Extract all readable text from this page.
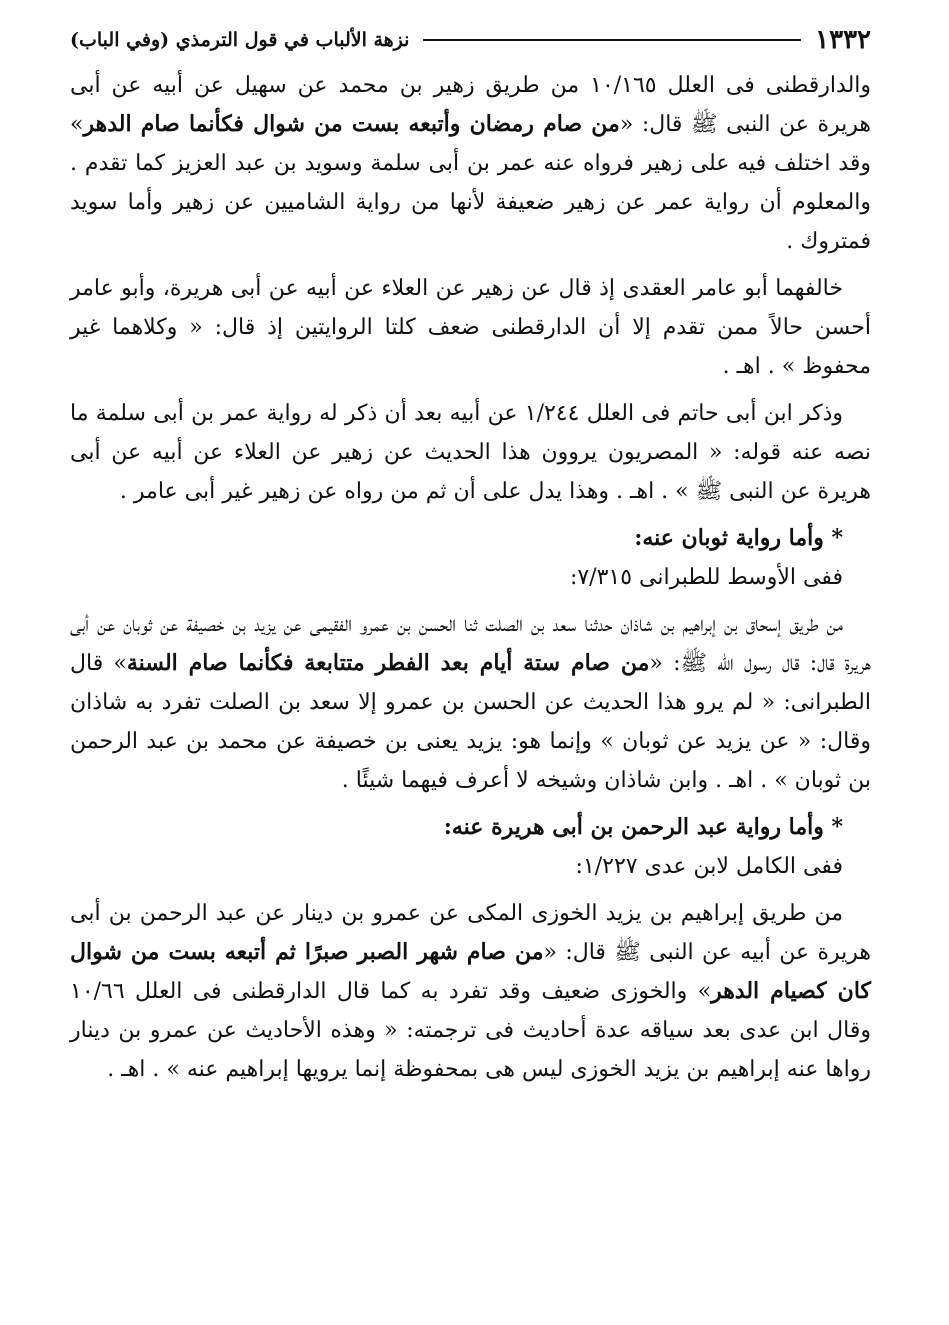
١٣٣٢
نزهة الألباب في قول الترمذي (وفي الباب)

والدارقطنى فى العلل ١٠/١٦٥ من طريق زهير بن محمد عن سهيل عن أبيه عن أبى هريرة عن النبى ﷺ قال: «من صام رمضان وأتبعه بست من شوال فكأنما صام الدهر» وقد اختلف فيه على زهير فرواه عنه عمر بن أبى سلمة وسويد بن عبد العزيز كما تقدم . والمعلوم أن رواية عمر عن زهير ضعيفة لأنها من رواية الشاميين عن زهير وأما سويد فمتروك .

خالفهما أبو عامر العقدى إذ قال عن زهير عن العلاء عن أبيه عن أبى هريرة، وأبو عامر أحسن حالاً ممن تقدم إلا أن الدارقطنى ضعف كلتا الروايتين إذ قال: « وكلاهما غير محفوظ » . اهـ .

وذكر ابن أبى حاتم فى العلل ١/٢٤٤ عن أبيه بعد أن ذكر له رواية عمر بن أبى سلمة ما نصه عنه قوله: « المصريون يروون هذا الحديث عن زهير عن العلاء عن أبيه عن أبى هريرة عن النبى ﷺ » . اهـ . وهذا يدل على أن ثم من رواه عن زهير غير أبى عامر .

* وأما رواية ثوبان عنه:

ففى الأوسط للطبرانى ٧/٣١٥:

من طريق إسحاق بن إبراهيم بن شاذان حدثنا سعد بن الصلت ثنا الحسن بن عمرو الفقيمى عن يزيد بن خصيفة عن ثوبان عن أبى هريرة قال: قال رسول الله ﷺ: «من صام ستة أيام بعد الفطر متتابعة فكأنما صام السنة» قال الطبرانى: « لم يرو هذا الحديث عن الحسن بن عمرو إلا سعد بن الصلت تفرد به شاذان وقال: « عن يزيد عن ثوبان » وإنما هو: يزيد يعنى بن خصيفة عن محمد بن عبد الرحمن بن ثوبان » . اهـ . وابن شاذان وشيخه لا أعرف فيهما شيئًا .

* وأما رواية عبد الرحمن بن أبى هريرة عنه:

ففى الكامل لابن عدى ١/٢٢٧:

من طريق إبراهيم بن يزيد الخوزى المكى عن عمرو بن دينار عن عبد الرحمن بن أبى هريرة عن أبيه عن النبى ﷺ قال: «من صام شهر الصبر صبرًا ثم أتبعه بست من شوال كان كصيام الدهر» والخوزى ضعيف وقد تفرد به كما قال الدارقطنى فى العلل ١٠/٦٦ وقال ابن عدى بعد سياقه عدة أحاديث فى ترجمته: « وهذه الأحاديث عن عمرو بن دينار رواها عنه إبراهيم بن يزيد الخوزى ليس هى بمحفوظة إنما يرويها إبراهيم عنه » . اهـ .
